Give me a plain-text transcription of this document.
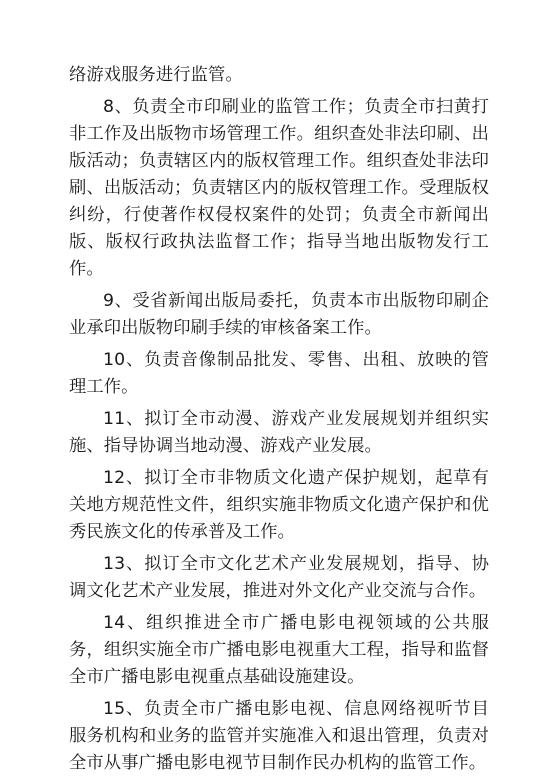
络游戏服务进行监管。

8、负责全市印刷业的监管工作；负责全市扫黄打非工作及出版物市场管理工作。组织查处非法印刷、出版活动；负责辖区内的版权管理工作。组织查处非法印刷、出版活动；负责辖区内的版权管理工作。受理版权纠纷，行使著作权侵权案件的处罚；负责全市新闻出版、版权行政执法监督工作；指导当地出版物发行工作。

9、受省新闻出版局委托，负责本市出版物印刷企业承印出版物印刷手续的审核备案工作。

10、负责音像制品批发、零售、出租、放映的管理工作。

11、拟订全市动漫、游戏产业发展规划并组织实施、指导协调当地动漫、游戏产业发展。

12、拟订全市非物质文化遗产保护规划，起草有关地方规范性文件，组织实施非物质文化遗产保护和优秀民族文化的传承普及工作。

13、拟订全市文化艺术产业发展规划，指导、协调文化艺术产业发展，推进对外文化产业交流与合作。

14、组织推进全市广播电影电视领域的公共服务，组织实施全市广播电影电视重大工程，指导和监督全市广播电影电视重点基础设施建设。

15、负责全市广播电影电视、信息网络视听节目服务机构和业务的监管并实施准入和退出管理，负责对全市从事广播电影电视节目制作民办机构的监管工作。
